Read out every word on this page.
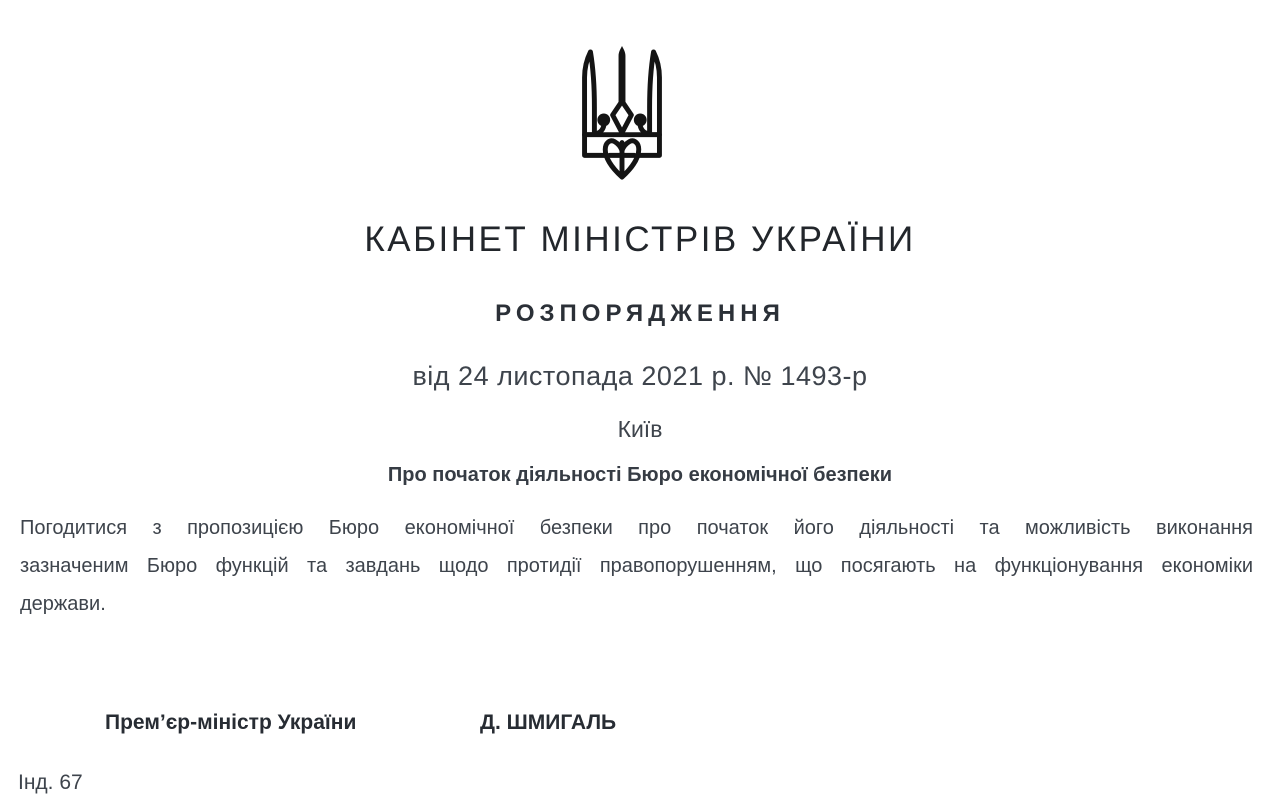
КАБІНЕТ МІНІСТРІВ УКРАЇНИ
РОЗПОРЯДЖЕННЯ
від 24 листопада 2021 р. № 1493-р
Київ
Про початок діяльності Бюро економічної безпеки
Погодитися з пропозицією Бюро економічної безпеки про початок його діяльності та можливість виконання
зазначеним Бюро функцій та завдань щодо протидії правопорушенням, що посягають на функціонування економіки
держави.
Прем’єр-міністр України	Д. ШМИГАЛЬ
Інд. 67
